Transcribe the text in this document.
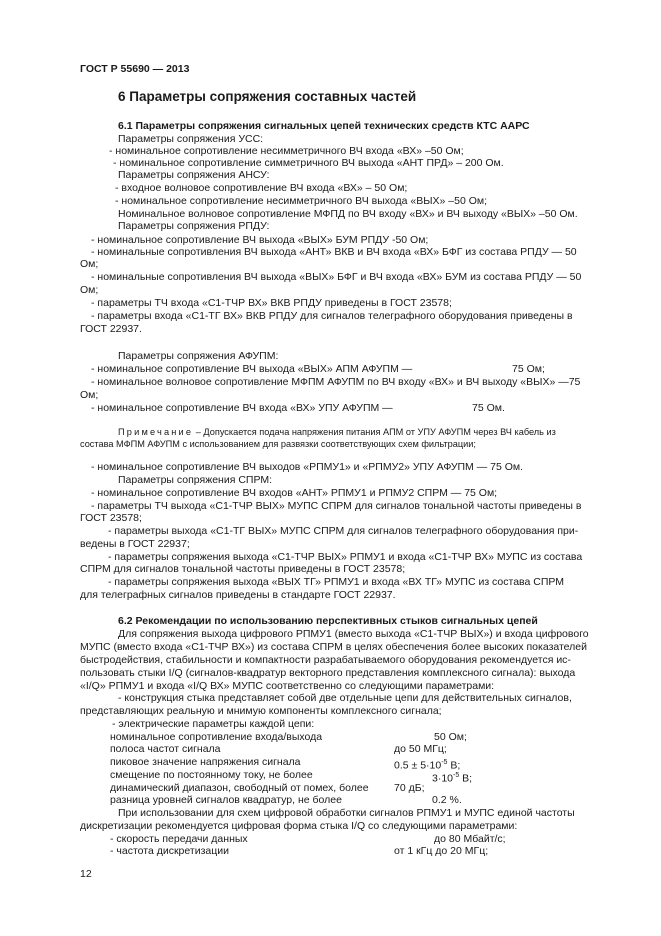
ГОСТ Р 55690 — 2013
6 Параметры сопряжения составных частей
6.1 Параметры сопряжения сигнальных цепей технических средств КТС ААРС
Параметры сопряжения УСС:
- номинальное сопротивление несимметричного ВЧ входа «ВХ» –50 Ом;
- номинальное сопротивление симметричного ВЧ выхода «АНТ ПРД» – 200 Ом.
Параметры сопряжения АНСУ:
- входное волновое сопротивление ВЧ входа «ВХ» – 50 Ом;
- номинальное сопротивление несимметричного ВЧ выхода «ВЫХ» –50 Ом;
Номинальное волновое сопротивление МФПД по ВЧ входу «ВХ» и ВЧ выходу «ВЫХ» –50 Ом.
Параметры сопряжения РПДУ:
- номинальное сопротивление ВЧ выхода «ВЫХ» БУМ РПДУ -50 Ом;
- номинальные сопротивления ВЧ выхода «АНТ» ВКВ и ВЧ входа «ВХ» БФГ из состава РПДУ — 50
Ом;
- номинальные сопротивления ВЧ выхода «ВЫХ» БФГ и ВЧ входа «ВХ» БУМ из состава РПДУ — 50
Ом;
- параметры ТЧ входа «С1-ТЧР ВХ» ВКВ РПДУ приведены в ГОСТ 23578;
- параметры входа «С1-ТГ ВХ» ВКВ РПДУ для сигналов телеграфного оборудования приведены в
ГОСТ 22937.
Параметры сопряжения АФУПМ:
- номинальное сопротивление ВЧ выхода «ВЫХ» АПМ АФУПМ —	75 Ом;
- номинальное волновое сопротивление МФПМ АФУПМ по ВЧ входу «ВХ» и ВЧ выходу «ВЫХ» —75
Ом;
- номинальное сопротивление ВЧ входа «ВХ» УПУ АФУПМ —	75 Ом.
Примечание – Допускается подача напряжения питания АПМ от УПУ АФУПМ через ВЧ кабель из
состава МФПМ АФУПМ с использованием для развязки соответствующих схем фильтрации;
- номинальное сопротивление ВЧ выходов «РПМУ1» и «РПМУ2» УПУ АФУПМ — 75 Ом.
Параметры сопряжения СПРМ:
- номинальное сопротивление ВЧ входов «АНТ» РПМУ1 и РПМУ2 СПРМ — 75 Ом;
- параметры ТЧ выхода «С1-ТЧР ВЫХ» МУПС СПРМ для сигналов тональной частоты приведены в
ГОСТ 23578;
- параметры выхода «С1-ТГ ВЫХ» МУПС СПРМ для сигналов телеграфного оборудования при-
ведены в ГОСТ 22937;
- параметры сопряжения выхода «С1-ТЧР ВЫХ» РПМУ1 и входа «С1-ТЧР ВХ» МУПС из состава
СПРМ для сигналов тональной частоты приведены в ГОСТ 23578;
- параметры сопряжения выхода «ВЫХ ТГ» РПМУ1 и входа «ВХ ТГ» МУПС из состава СПРМ
для телеграфных сигналов приведены в стандарте ГОСТ 22937.
6.2 Рекомендации по использованию перспективных стыков сигнальных цепей
Для сопряжения выхода цифрового РПМУ1 (вместо выхода «С1-ТЧР ВЫХ») и входа цифрового
МУПС (вместо входа «С1-ТЧР ВХ») из состава СПРМ в целях обеспечения более высоких показателей
быстродействия, стабильности и компактности разрабатываемого оборудования рекомендуется ис-
пользовать стыки I/Q (сигналов-квадратур векторного представления комплексного сигнала): выхода
«I/Q» РПМУ1 и входа «I/Q ВХ» МУПС соответственно со следующими параметрами:
- конструкция стыка представляет собой две отдельные цепи для действительных сигналов,
представляющих реальную и мнимую компоненты комплексного сигнала;
- электрические параметры каждой цепи:
номинальное сопротивление входа/выхода	50 Ом;
полоса частот сигнала	до 50 МГц;
пиковое значение напряжения сигнала	$0.5 \pm 5\cdot 10^{-5}$ В;
смещение по постоянному току, не более	$3\cdot 10^{-5}$ В;
динамический диапазон, свободный от помех, более 70 дБ;
разница уровней сигналов квадратур, не более	0.2 %.
При использовании для схем цифровой обработки сигналов РПМУ1 и МУПС единой частоты
дискретизации рекомендуется цифровая форма стыка I/Q со следующими параметрами:
- скорость передачи данных	до 80 Мбайт/с;
- частота дискретизации	от 1 кГц до 20 МГц;
12
